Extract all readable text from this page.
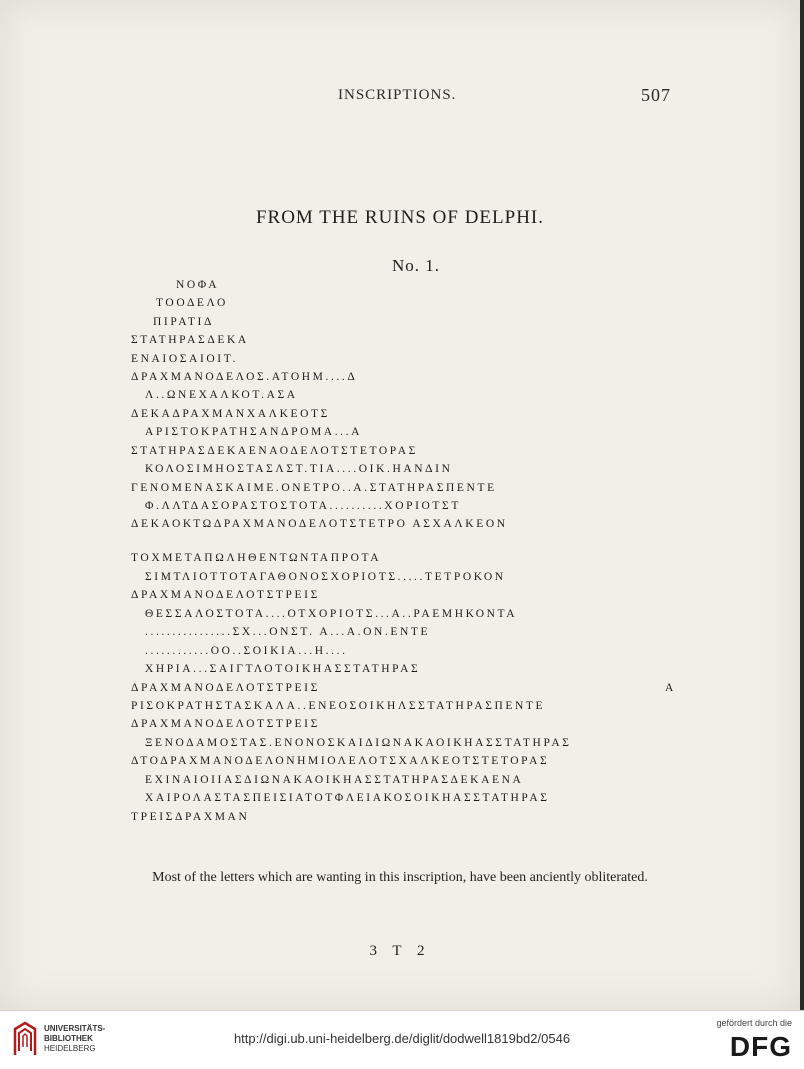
INSCRIPTIONS.	507
FROM THE RUINS OF DELPHI.
No. 1.
ΝΟΦΑ
ΤΟΟΔΕΛΟ
ΠΙΡΑΤΙΔ
ΣΤΑΤΗΡΑΣΔΕΚΑ
ΕΝΑΙΟΣΑΙΟΙΤ.
ΔΡΑΧΜΑΝΟΔΕΛΟΣ.ΑΤΟΗΜ....Δ
Λ..ΩΝΕΧΑΛΚΟΤ.ΑΣΑ
ΔΕΚΑΔΡΑΧΜΑΝΧΑΛΚΕΟΤΣ
ΑΡΙΣΤΟΚΡΑΤΗΣΑΝΔΡΟΜΑ...Α
ΣΤΑΤΗΡΑΣΔΕΚΑΕΝΑΟΔΕΛΟΤΣΤΕΤΟΡΑΣ
ΚΟΛΟΣΙΜΗΟΣΤΑΣΛΣΤ.ΤΙΑ....ΟΙΚ.ΗΑΝΔΙΝ
ΓΕΝΟΜΕΝΑΣΚΑΙΜΕ.ΟΝΕΤΡΟ..Α.ΣΤΑΤΗΡΑΣΠΕΝΤΕ
Φ.ΛΛΤΔΑΣΟΡΑΣΤΟΣΤΟΤΑ..........ΧΟΡΙΟΤΣΤ
ΔΕΚΑΟΚΤΩΔΡΑΧΜΑΝΟΔΕΛΟΤΣΤΕΤΡΟ ΑΣΧΑΛΚΕΟΝ
ΤΟΧΜΕΤΑΠΩΛΗΘΕΝΤΩΝΤΑΠΡΟΤΑ
ΣΙΜΤΛΙΟΤΤΟΤΑΓΑΘΟΝΟΣΧΟΡΙΟΤΣ.....ΤΕΤΡΟΚΟΝ
ΔΡΑΧΜΑΝΟΔΕΛΟΤΣΤΡΕΙΣ
ΘΕΣΣΑΛΟΣΤΟΤΑ....ΟΤΧΟΡΙΟΤΣ...Α..ΡΑΕΜΗΚΟΝΤΑ
................ΣΧ...ΟΝΣΤ. Α...Α.ΟΝ.ΕΝΤΕ
............ΟΟ..ΣΟΙΚΙΑ...Η....
ΧΗΡΙΑ...ΣΑΙΓΤΛΟΤΟΙΚΗΑΣΣΤΑΤΗΡΑΣ
ΔΡΑΧΜΑΝΟΔΕΛΟΤΣΤΡΕΙΣ	Α
ΡΙΣΟΚΡΑΤΗΣΤΑΣΚΑΛΑ..ΕΝΕΟΣΟΙΚΗΛΣΣΤΑΤΗΡΑΣΠΕΝΤΕ
ΔΡΑΧΜΑΝΟΔΕΛΟΤΣΤΡΕΙΣ
ΞΕΝΟΔΑΜΟΣΤΑΣ.ΕΝΟΝΟΣΚΑΙΔΙΩΝΑΚΑΟΙΚΗΑΣΣΤΑΤΗΡΑΣ
ΔΤΟΔΡΑΧΜΑΝΟΔΕΛΟΝΗΜΙΟΛΕΛΟΤΣΧΑΛΚΕΟΤΣΤΕΤΟΡΑΣ
ΕΧΙΝΑΙΟΙΙΑΣΔΙΩΝΑΚΑΟΙΚΗΑΣΣΤΑΤΗΡΑΣΔΕΚΑΕΝΑ
ΧΑΙΡΟΛΑΣΤΑΣΠΕΙΣΙΑΤΟΤΦΛΕΙΑΚΟΣΟΙΚΗΑΣΣΤΑΤΗΡΑΣ
ΤΡΕΙΣΔΡΑΧΜΑΝ
Most of the letters which are wanting in this inscription, have been anciently obliterated.
3 T 2
UNIVERSITÄTS-
BIBLIOTHEK
HEIDELBERG
http://digi.ub.uni-heidelberg.de/diglit/dodwell1819bd2/0546
gefördert durch die
DFG
